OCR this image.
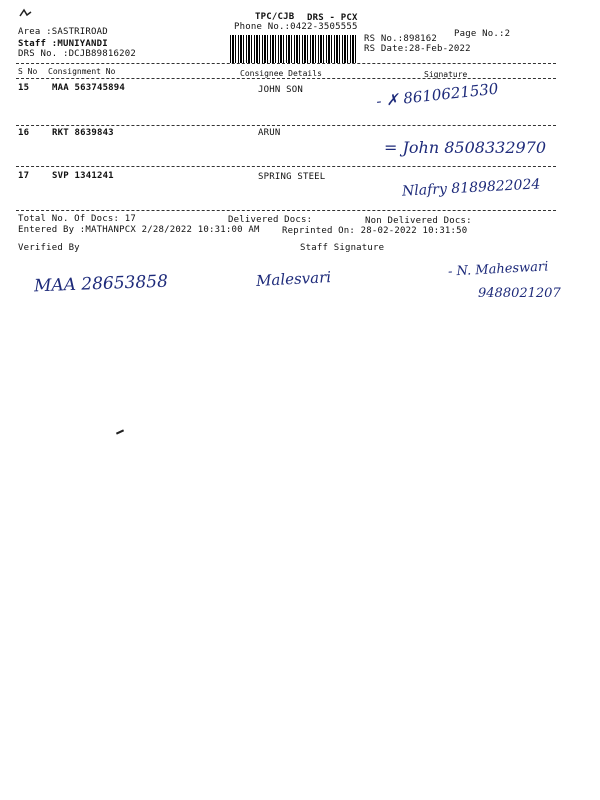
TPC/CJB DRS - PCX
Phone No.:0422-3505555
Page No.:2
Area :SASTRIROAD
Staff :MUNIYANDI
DRS No. :DCJB89816202
RS No.:898162
RS Date:28-Feb-2022
S No Consignment No	Consignee Details	Signature
15	MAA 563745894	JOHN SON	- ✗ 8610621530
16	RKT 8639843	ARUN
= John 8508332970
17	SVP 1341241	SPRING STEEL	Nlafry 8189822024
Total No. Of Docs: 17	Delivered Docs:	Non Delivered Docs:
Entered By :MATHANPCX 2/28/2022 10:31:00 AM Reprinted On: 28-02-2022 10:31:50
Verified By	Staff Signature
MAA 28653858	Malesvari	- N. Maheswari
9488021207
